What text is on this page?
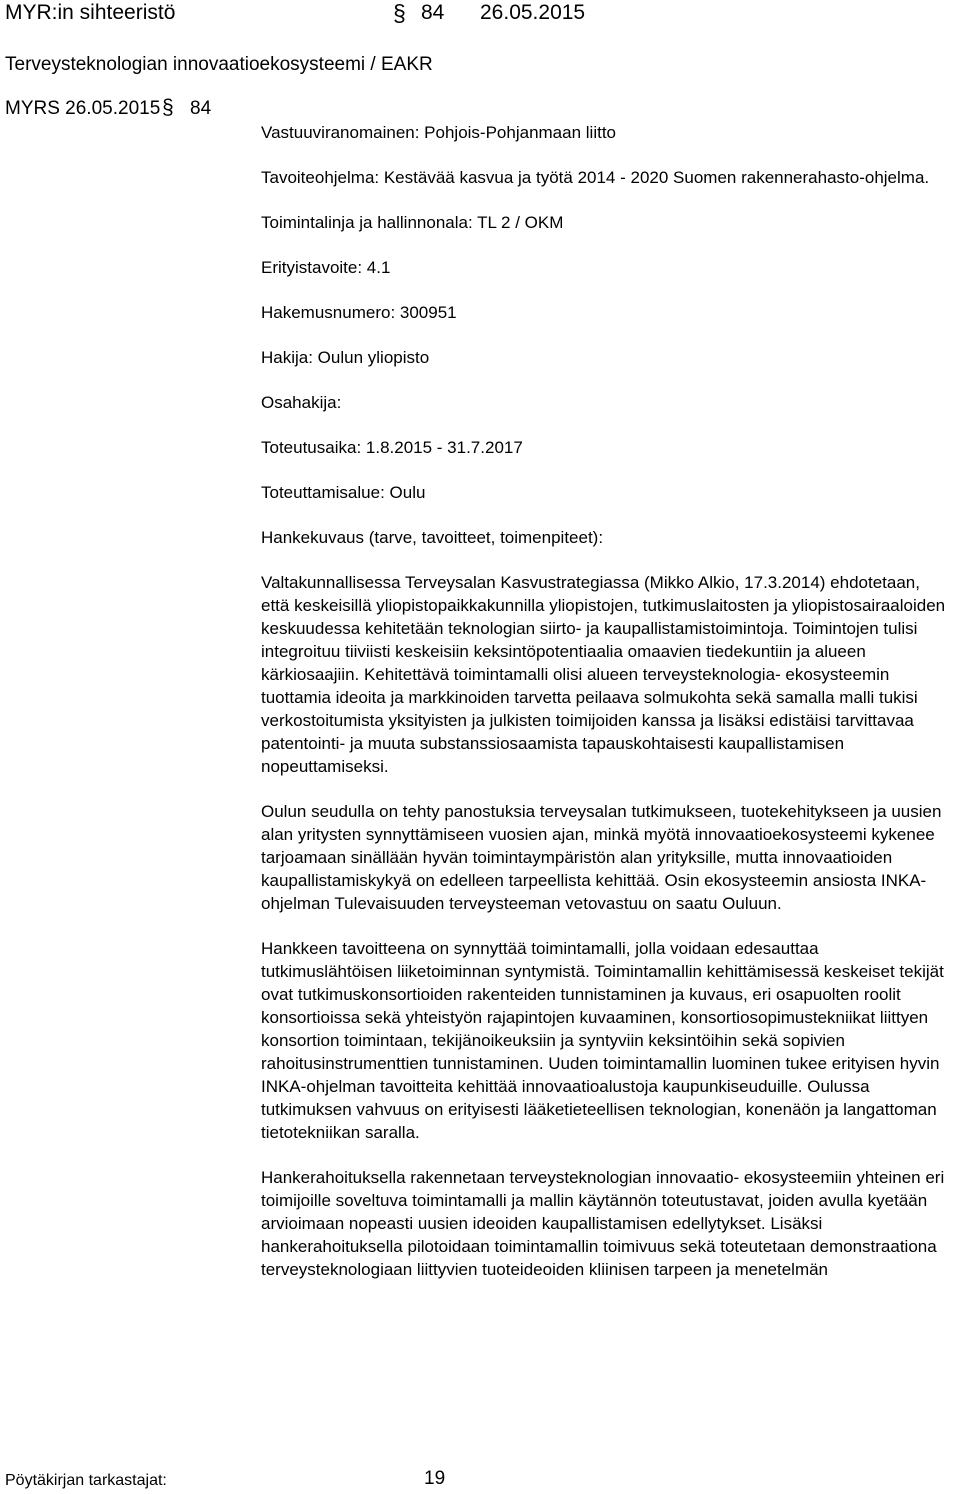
MYR:in sihteeristö	§ 84 26.05.2015
Terveysteknologian innovaatioekosysteemi / EAKR
MYRS 26.05.2015 § 84

Vastuuviranomainen: Pohjois-Pohjanmaan liitto

Tavoiteohjelma: Kestävää kasvua ja työtä 2014 - 2020 Suomen rakennerahasto-ohjelma.

Toimintalinja ja hallinnonala: TL 2 / OKM

Erityistavoite: 4.1

Hakemusnumero: 300951

Hakija: Oulun yliopisto

Osahakija:

Toteutusaika: 1.8.2015 - 31.7.2017

Toteuttamisalue: Oulu

Hankekuvaus (tarve, tavoitteet, toimenpiteet):

Valtakunnallisessa Terveysalan Kasvustrategiassa (Mikko Alkio, 17.3.2014) ehdotetaan, että keskeisillä yliopistopaikkakunnilla yliopistojen, tutkimuslaitosten ja yliopistosairaaloiden keskuudessa kehitetään teknologian siirto- ja kaupallistamistoimintoja. Toimintojen tulisi integroituu tiiviisti keskeisiin keksintöpotentiaalia omaavien tiedekuntiin ja alueen kärkiosaajiin. Kehitettävä toimintamalli olisi alueen terveysteknologia- ekosysteemin tuottamia ideoita ja markkinoiden tarvetta peilaava solmukohta sekä samalla malli tukisi verkostoitumista yksityisten ja julkisten toimijoiden kanssa ja lisäksi edistäisi tarvittavaa patentointi- ja muuta substanssiosaamista tapauskohtaisesti kaupallistamisen nopeuttamiseksi.

Oulun seudulla on tehty panostuksia terveysalan tutkimukseen, tuotekehitykseen ja uusien alan yritysten synnyttämiseen vuosien ajan, minkä myötä innovaatioekosysteemi kykenee tarjoamaan sinällään hyvän toimintaympäristön alan yrityksille, mutta innovaatioiden kaupallistamiskykyä on edelleen tarpeellista kehittää. Osin ekosysteemin ansiosta INKA-ohjelman Tulevaisuuden terveysteeman vetovastuu on saatu Ouluun.

Hankkeen tavoitteena on synnyttää toimintamalli, jolla voidaan edesauttaa tutkimuslähtöisen liiketoiminnan syntymistä. Toimintamallin kehittämisessä keskeiset tekijät ovat tutkimuskonsortioiden rakenteiden tunnistaminen ja kuvaus, eri osapuolten roolit konsortioissa sekä yhteistyön rajapintojen kuvaaminen, konsortiosopimustekniikat liittyen konsortion toimintaan, tekijänoikeuksiin ja syntyviin keksintöihin sekä sopivien rahoitusinstrumenttien tunnistaminen. Uuden toimintamallin luominen tukee erityisen hyvin INKA-ohjelman tavoitteita kehittää innovaatioalustoja kaupunkiseuduille. Oulussa tutkimuksen vahvuus on erityisesti lääketieteellisen teknologian, konenäön ja langattoman tietotekniikan saralla.

Hankerahoituksella rakennetaan terveysteknologian innovaatio- ekosysteemiin yhteinen eri toimijoille soveltuva toimintamalli ja mallin käytännön toteutustavat, joiden avulla kyetään arvioimaan nopeasti uusien ideoiden kaupallistamisen edellytykset. Lisäksi hankerahoituksella pilotoidaan toimintamallin toimivuus sekä toteutetaan demonstraationa terveysteknologiaan liittyvien tuoteideoiden kliinisen tarpeen ja menetelmän

Pöytäkirjan tarkastajat:	19
